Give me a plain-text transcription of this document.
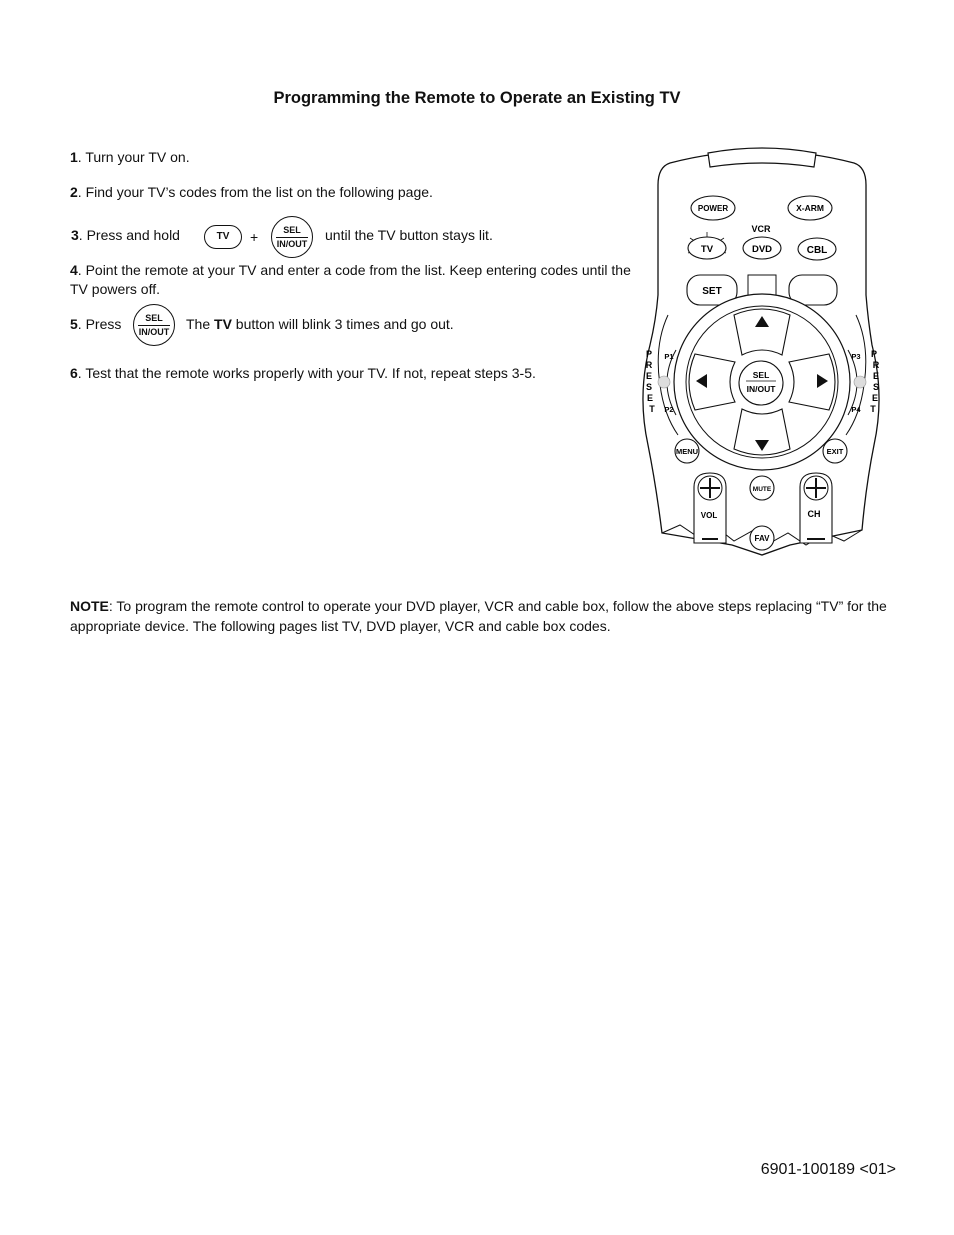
Programming the Remote to Operate an Existing TV
1. Turn your TV on.
2. Find your TV’s codes from the list on the following page.
3. Press and hold	TV	+	SEL
IN/OUT
until the TV button stays lit.
4. Point the remote at your TV and enter a code from the list. Keep entering codes until the TV powers off.
5. Press	SEL
IN/OUT	The TV button will blink 3 times and go out.
6. Test that the remote works properly with your TV. If not, repeat steps 3-5.
POWER	X-ARM
VCR
TV	DVD	CBL
SET
SEL
IN/OUT
P
R
E
S
E
T
P1
P2
P
R
E
S
E
T
P3
P4
MENU	EXIT
VOL	CH
MUTE
FAV
NOTE: To program the remote control to operate your DVD player, VCR and cable box, follow the above steps replacing “TV” for the appropriate device. The following pages list TV, DVD player, VCR and cable box codes.
6901-100189 <01>
